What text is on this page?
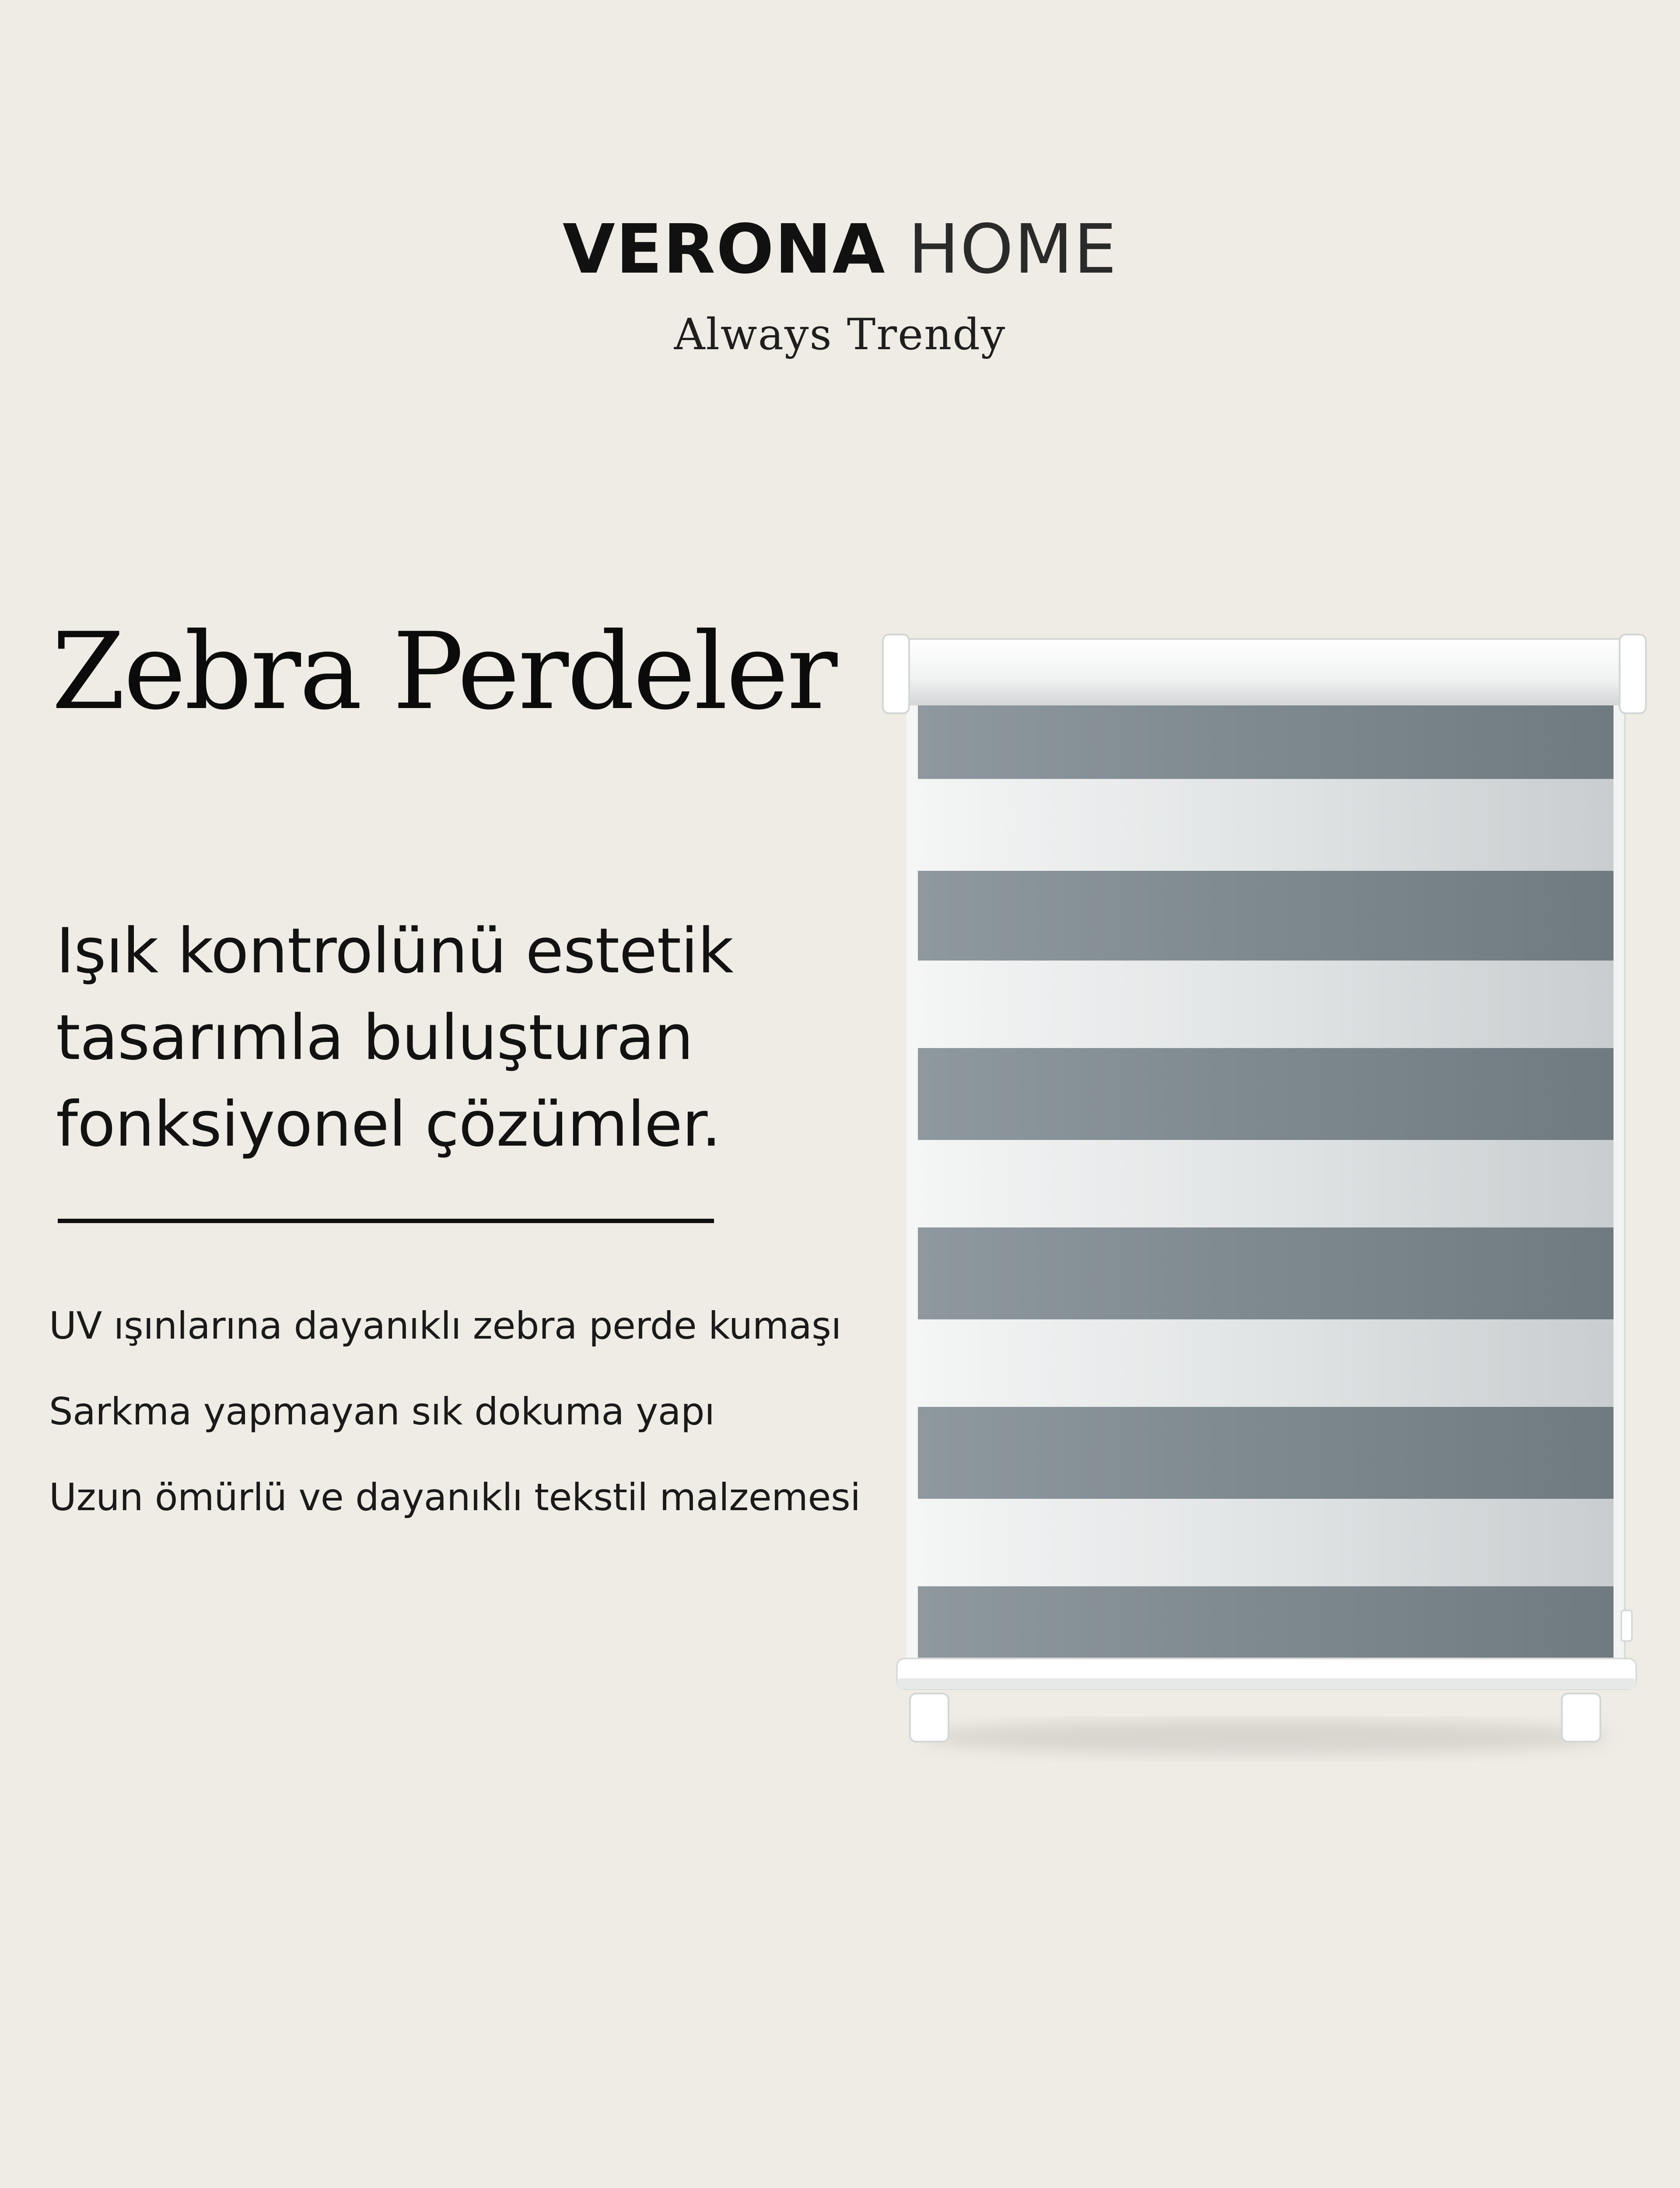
VERONA HOME
Always Trendy
Zebra Perdeler

Işık kontrolünü estetik
tasarımla buluşturan
fonksiyonel çözümler.

UV ışınlarına dayanıklı zebra perde kumaşı
Sarkma yapmayan sık dokuma yapı
Uzun ömürlü ve dayanıklı tekstil malzemesi
